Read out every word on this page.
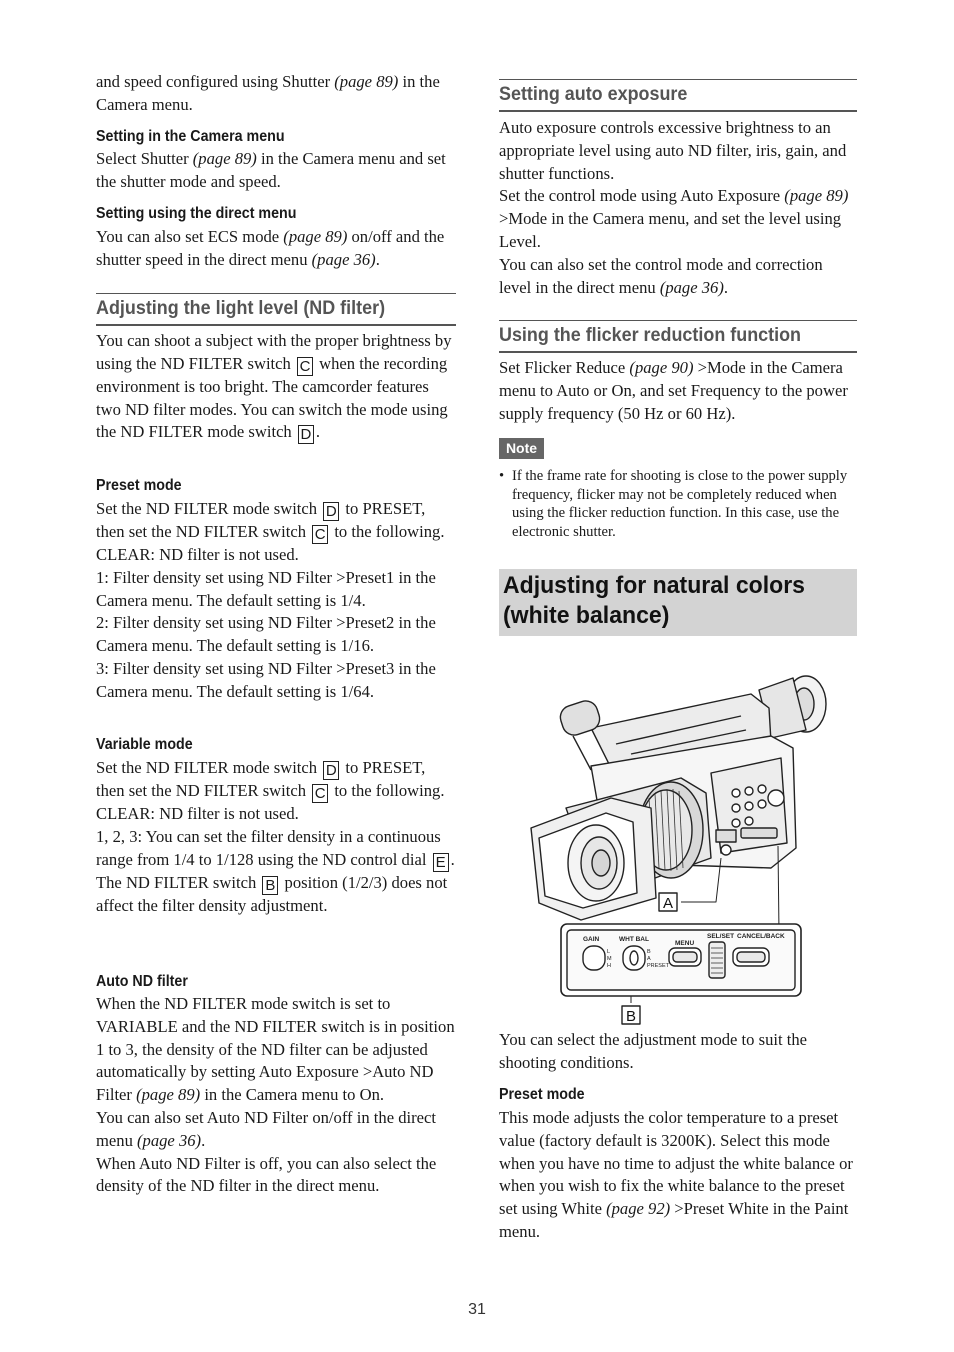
and speed configured using Shutter (page 89) in the Camera menu.

Setting in the Camera menu

Select Shutter (page 89) in the Camera menu and set the shutter mode and speed.

Setting using the direct menu

You can also set ECS mode (page 89) on/off and the shutter speed in the direct menu (page 36).

Adjusting the light level (ND filter)

You can shoot a subject with the proper brightness by using the ND FILTER switch C when the recording environment is too bright. The camcorder features two ND filter modes. You can switch the mode using the ND FILTER mode switch D .

Preset mode

Set the ND FILTER mode switch D to PRESET, then set the ND FILTER switch C to the following.
CLEAR: ND filter is not used.
1: Filter density set using ND Filter >Preset1 in the Camera menu. The default setting is 1/4.
2: Filter density set using ND Filter >Preset2 in the Camera menu. The default setting is 1/16.
3: Filter density set using ND Filter >Preset3 in the Camera menu. The default setting is 1/64.

Variable mode

Set the ND FILTER mode switch D to PRESET, then set the ND FILTER switch C to the following.
CLEAR: ND filter is not used.
1, 2, 3: You can set the filter density in a continuous range from 1/4 to 1/128 using the ND control dial E .
The ND FILTER switch B position (1/2/3) does not affect the filter density adjustment.

Auto ND filter

When the ND FILTER mode switch is set to VARIABLE and the ND FILTER switch is in position 1 to 3, the density of the ND filter can be adjusted automatically by setting Auto Exposure >Auto ND Filter (page 89) in the Camera menu to On.
You can also set Auto ND Filter on/off in the direct menu (page 36).
When Auto ND Filter is off, you can also select the density of the ND filter in the direct menu.

Setting auto exposure

Auto exposure controls excessive brightness to an appropriate level using auto ND filter, iris, gain, and shutter functions.
Set the control mode using Auto Exposure (page 89) >Mode in the Camera menu, and set the level using Level.
You can also set the control mode and correction level in the direct menu (page 36).

Using the flicker reduction function

Set Flicker Reduce (page 90) >Mode in the Camera menu to Auto or On, and set Frequency to the power supply frequency (50 Hz or 60 Hz).

Note
• If the frame rate for shooting is close to the power supply frequency, flicker may not be completely reduced when using the flicker reduction function. In this case, use the electronic shutter.
Adjusting for natural colors (white balance)
GAIN	WHT BAL
MENU
SEL/SET CANCEL/BACK
L
M
H
B
A
PRESET
A
B

You can select the adjustment mode to suit the shooting conditions.

Preset mode

This mode adjusts the color temperature to a preset value (factory default is 3200K). Select this mode when you have no time to adjust the white balance or when you wish to fix the white balance to the preset set using White (page 92) >Preset White in the Paint menu.

31
